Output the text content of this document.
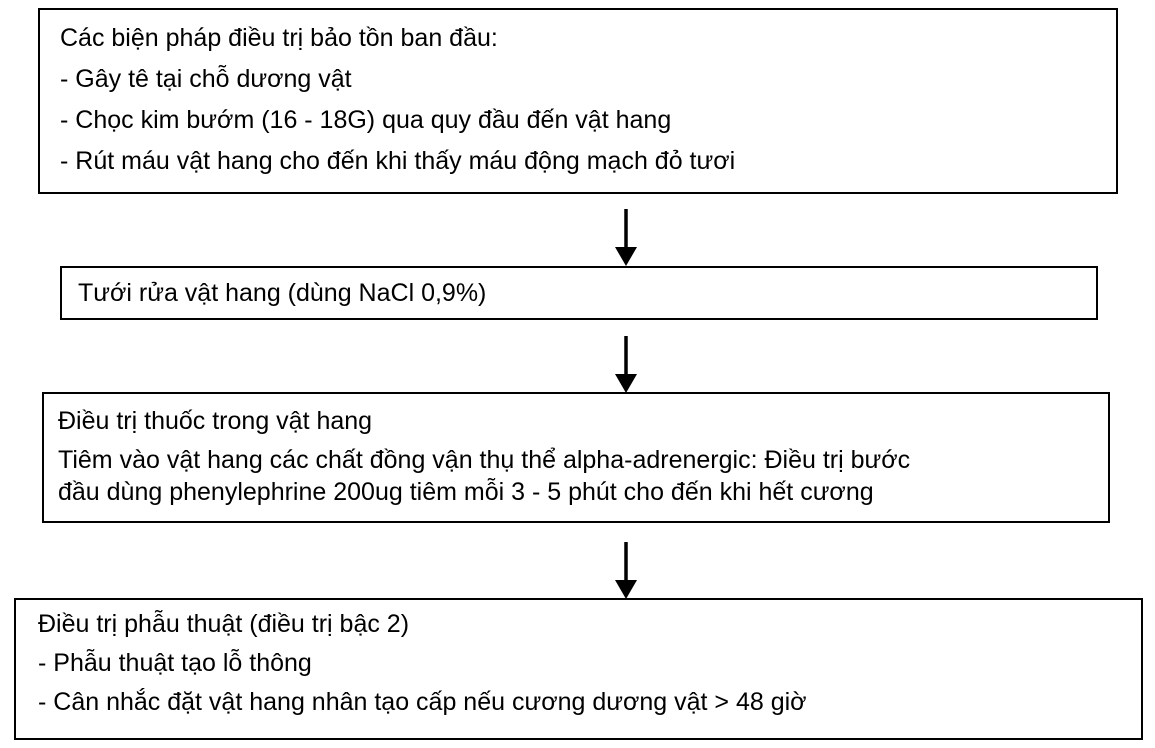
Các biện pháp điều trị bảo tồn ban đầu:
- Gây tê tại chỗ dương vật
- Chọc kim bướm (16 - 18G) qua quy đầu đến vật hang
- Rút máu vật hang cho đến khi thấy máu động mạch đỏ tươi
Tưới rửa vật hang (dùng NaCl 0,9%)
Điều trị thuốc trong vật hang
Tiêm vào vật hang các chất đồng vận thụ thể alpha-adrenergic: Điều trị bước
đầu dùng phenylephrine 200ug tiêm mỗi 3 - 5 phút cho đến khi hết cương
Điều trị phẫu thuật (điều trị bậc 2)
- Phẫu thuật tạo lỗ thông
- Cân nhắc đặt vật hang nhân tạo cấp nếu cương dương vật > 48 giờ
